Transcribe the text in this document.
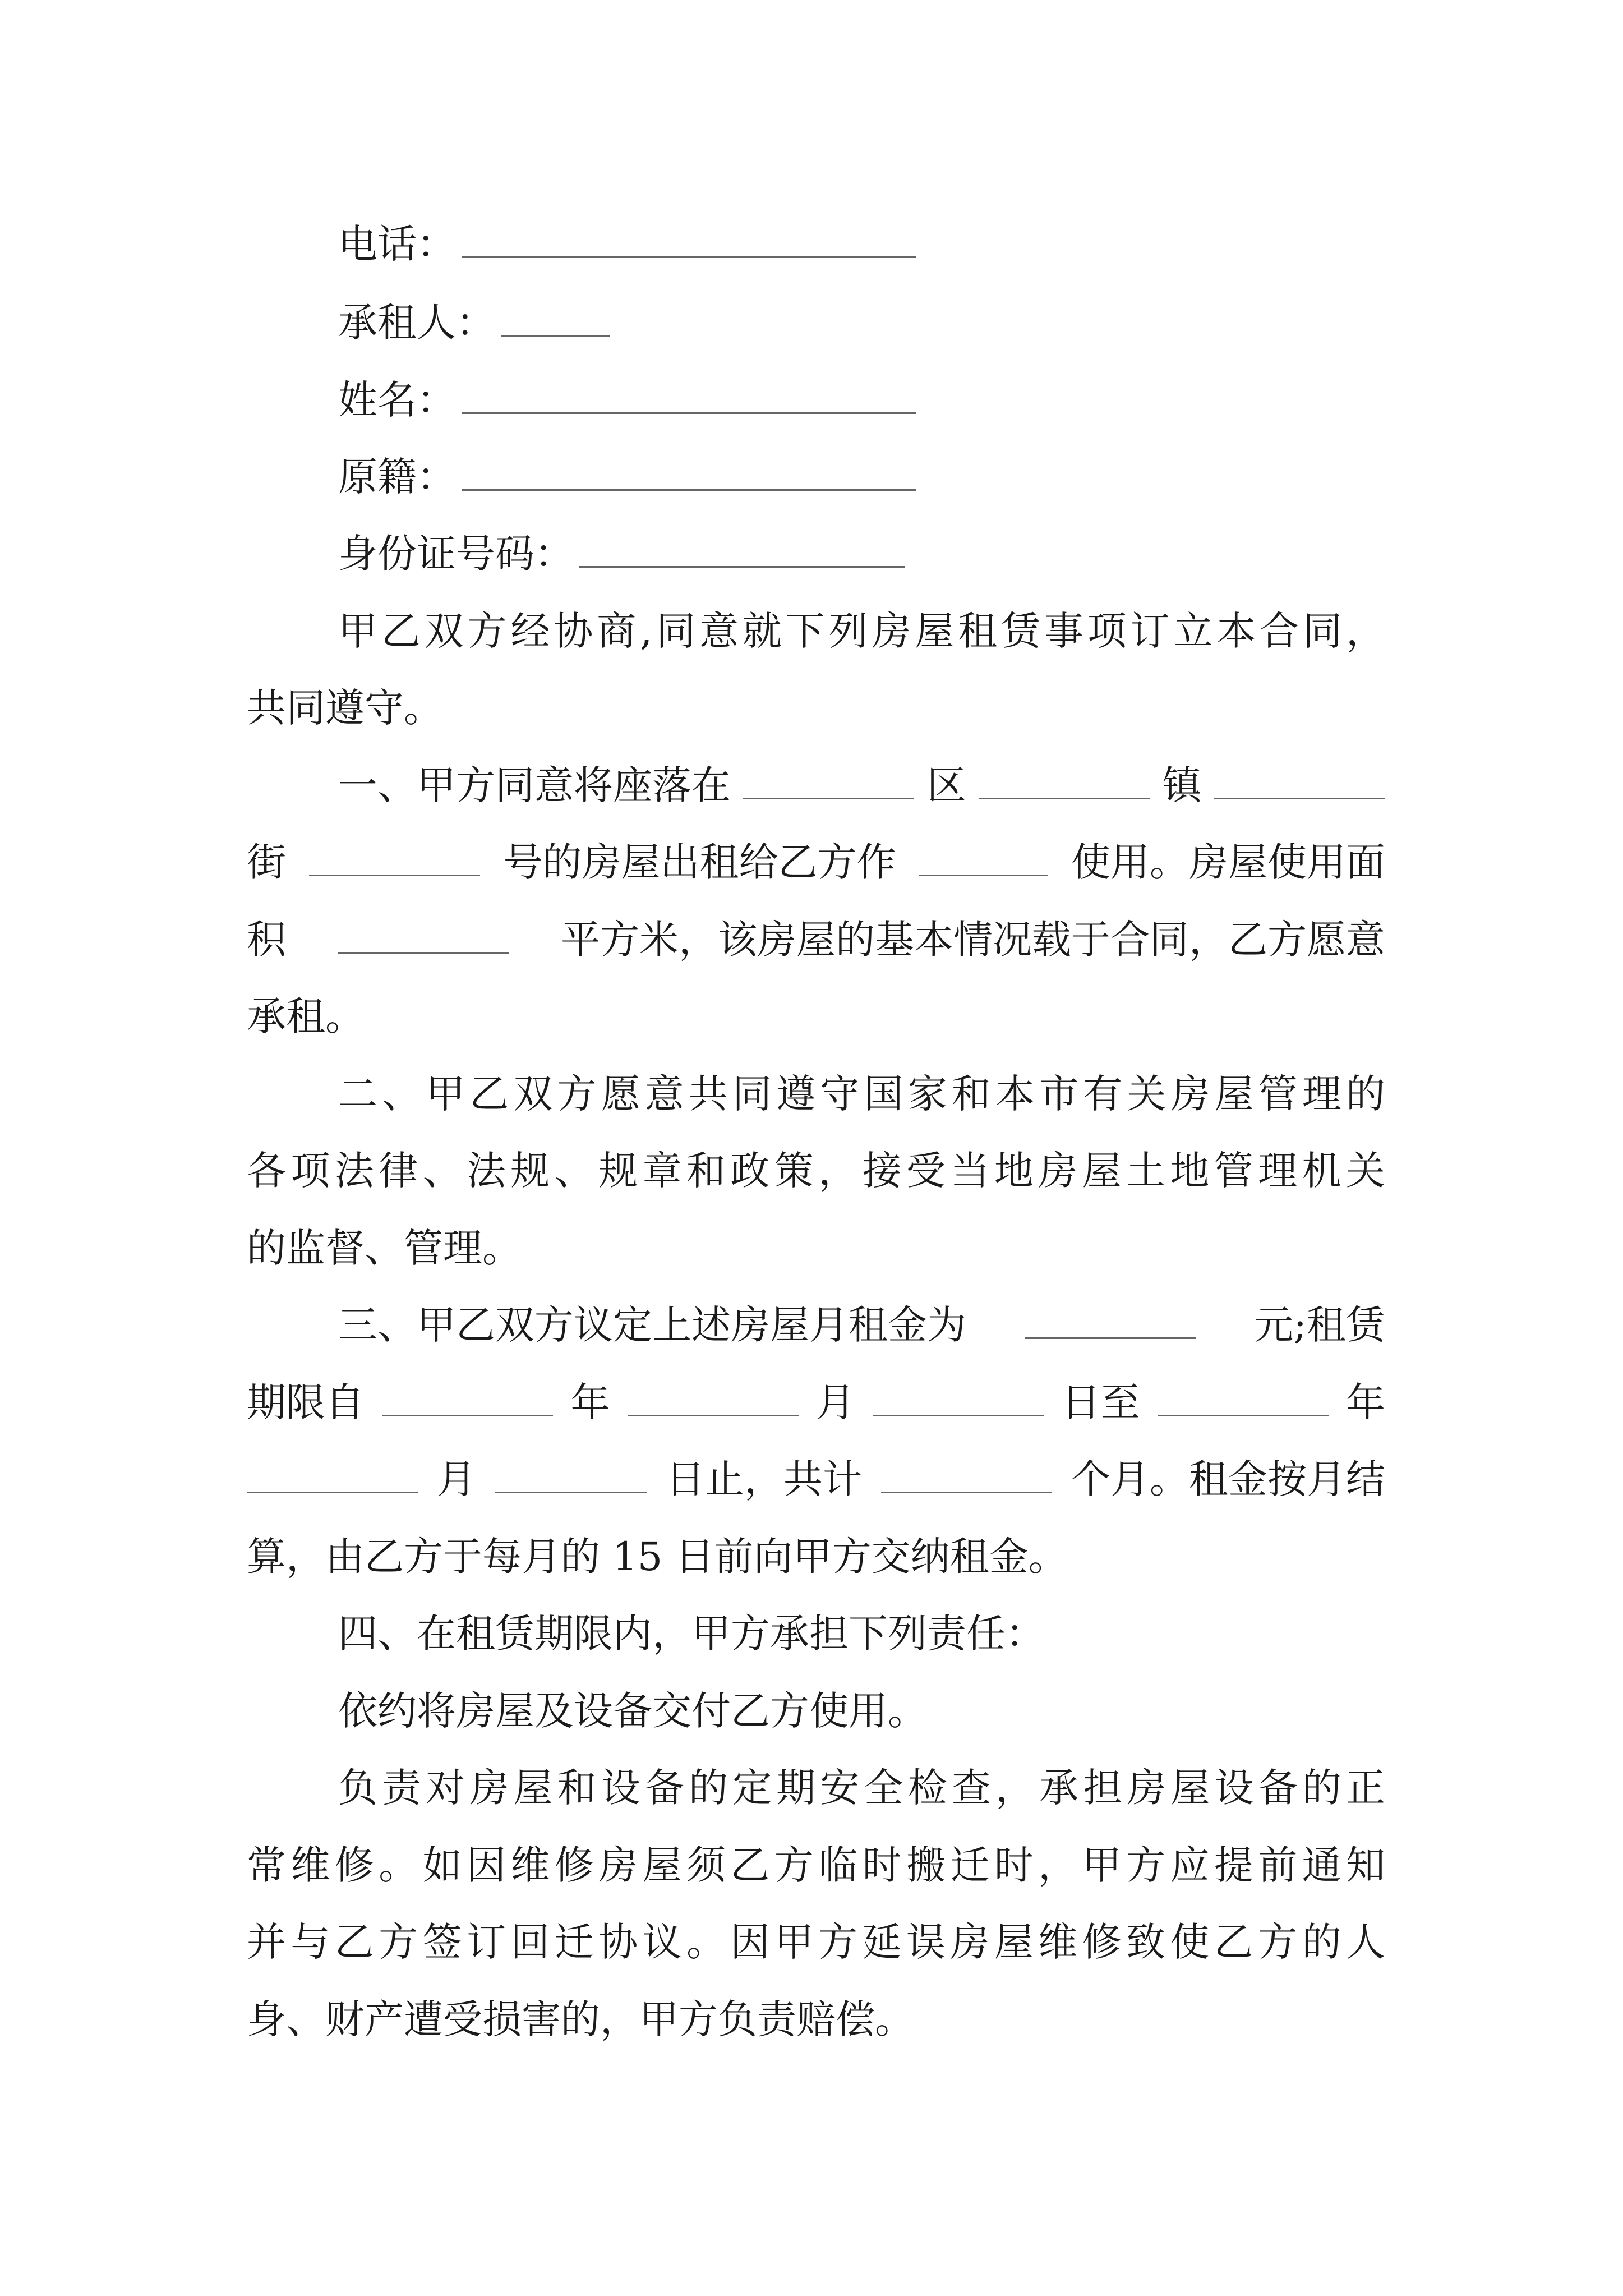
电话：
承租人：
姓名：
原籍：
身份证号码：
甲乙双方经协商,同意就下列房屋租赁事项订立本合同，
共同遵守。
一、甲方同意将座落在	区	镇
街	号的房屋出租给乙方作	使用。房屋使用面
积	平方米，该房屋的基本情况载于合同，乙方愿意
承租。
二、甲乙双方愿意共同遵守国家和本市有关房屋管理的
各项法律、法规、规章和政策，接受当地房屋土地管理机关
的监督、管理。
三、甲乙双方议定上述房屋月租金为	元;租赁
期限自	年	月	日至	年
月	日止，共计	个月。租金按月结
算，由乙方于每月的 15 日前向甲方交纳租金。
四、在租赁期限内，甲方承担下列责任：
依约将房屋及设备交付乙方使用。
负责对房屋和设备的定期安全检查，承担房屋设备的正
常维修。如因维修房屋须乙方临时搬迁时，甲方应提前通知
并与乙方签订回迁协议。因甲方延误房屋维修致使乙方的人
身、财产遭受损害的，甲方负责赔偿。
